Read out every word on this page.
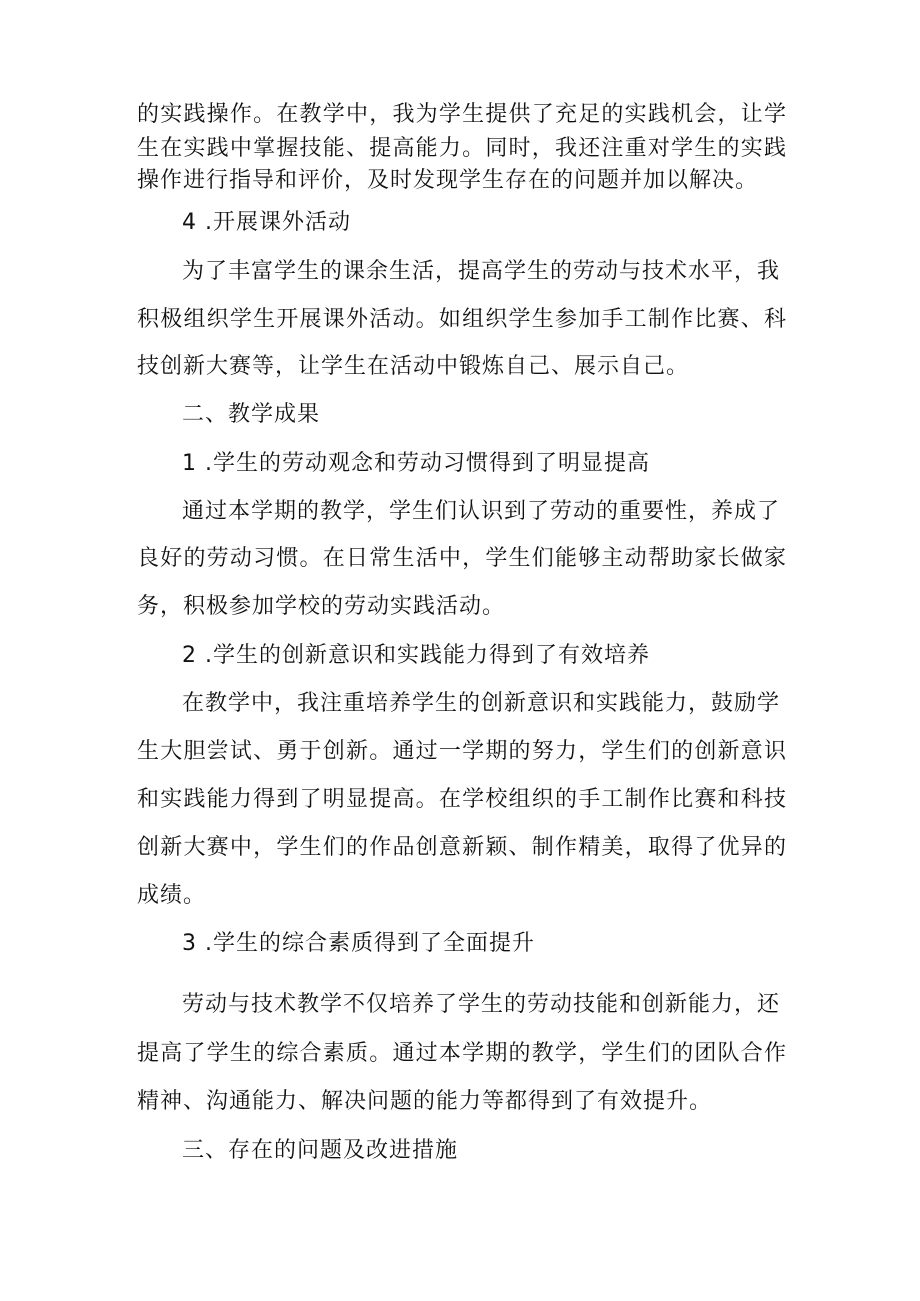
的实践操作。在教学中，我为学生提供了充足的实践机会，让学
生在实践中掌握技能、提高能力。同时，我还注重对学生的实践
操作进行指导和评价，及时发现学生存在的问题并加以解决。
4 .开展课外活动
为了丰富学生的课余生活，提高学生的劳动与技术水平，我
积极组织学生开展课外活动。如组织学生参加手工制作比赛、科
技创新大赛等，让学生在活动中锻炼自己、展示自己。
二、教学成果
1 .学生的劳动观念和劳动习惯得到了明显提高
通过本学期的教学，学生们认识到了劳动的重要性，养成了
良好的劳动习惯。在日常生活中，学生们能够主动帮助家长做家
务，积极参加学校的劳动实践活动。
2 .学生的创新意识和实践能力得到了有效培养
在教学中，我注重培养学生的创新意识和实践能力，鼓励学
生大胆尝试、勇于创新。通过一学期的努力，学生们的创新意识
和实践能力得到了明显提高。在学校组织的手工制作比赛和科技
创新大赛中，学生们的作品创意新颖、制作精美，取得了优异的
成绩。
3 .学生的综合素质得到了全面提升
劳动与技术教学不仅培养了学生的劳动技能和创新能力，还
提高了学生的综合素质。通过本学期的教学，学生们的团队合作
精神、沟通能力、解决问题的能力等都得到了有效提升。
三、存在的问题及改进措施
